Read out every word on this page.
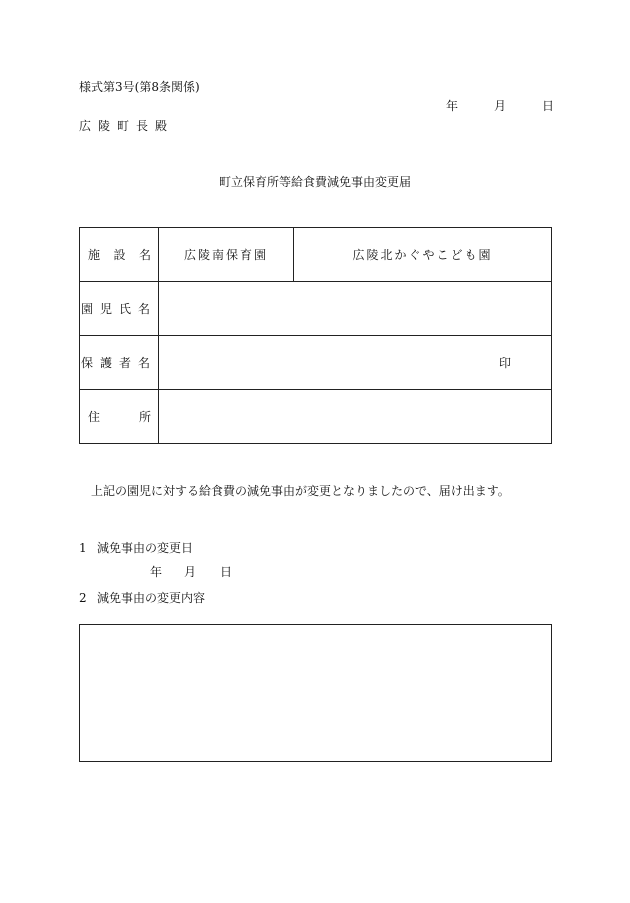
様式第3号(第8条関係)
年	月	日
広陵町長殿
町立保育所等給食費減免事由変更届
施 設 名	広陵南保育園	広陵北かぐやこども園
園児氏名		
保護者名	印	

住 所		

上記の園児に対する給食費の減免事由が変更となりましたので、届け出ます。
1 減免事由の変更日
年 月 日
2 減免事由の変更内容
